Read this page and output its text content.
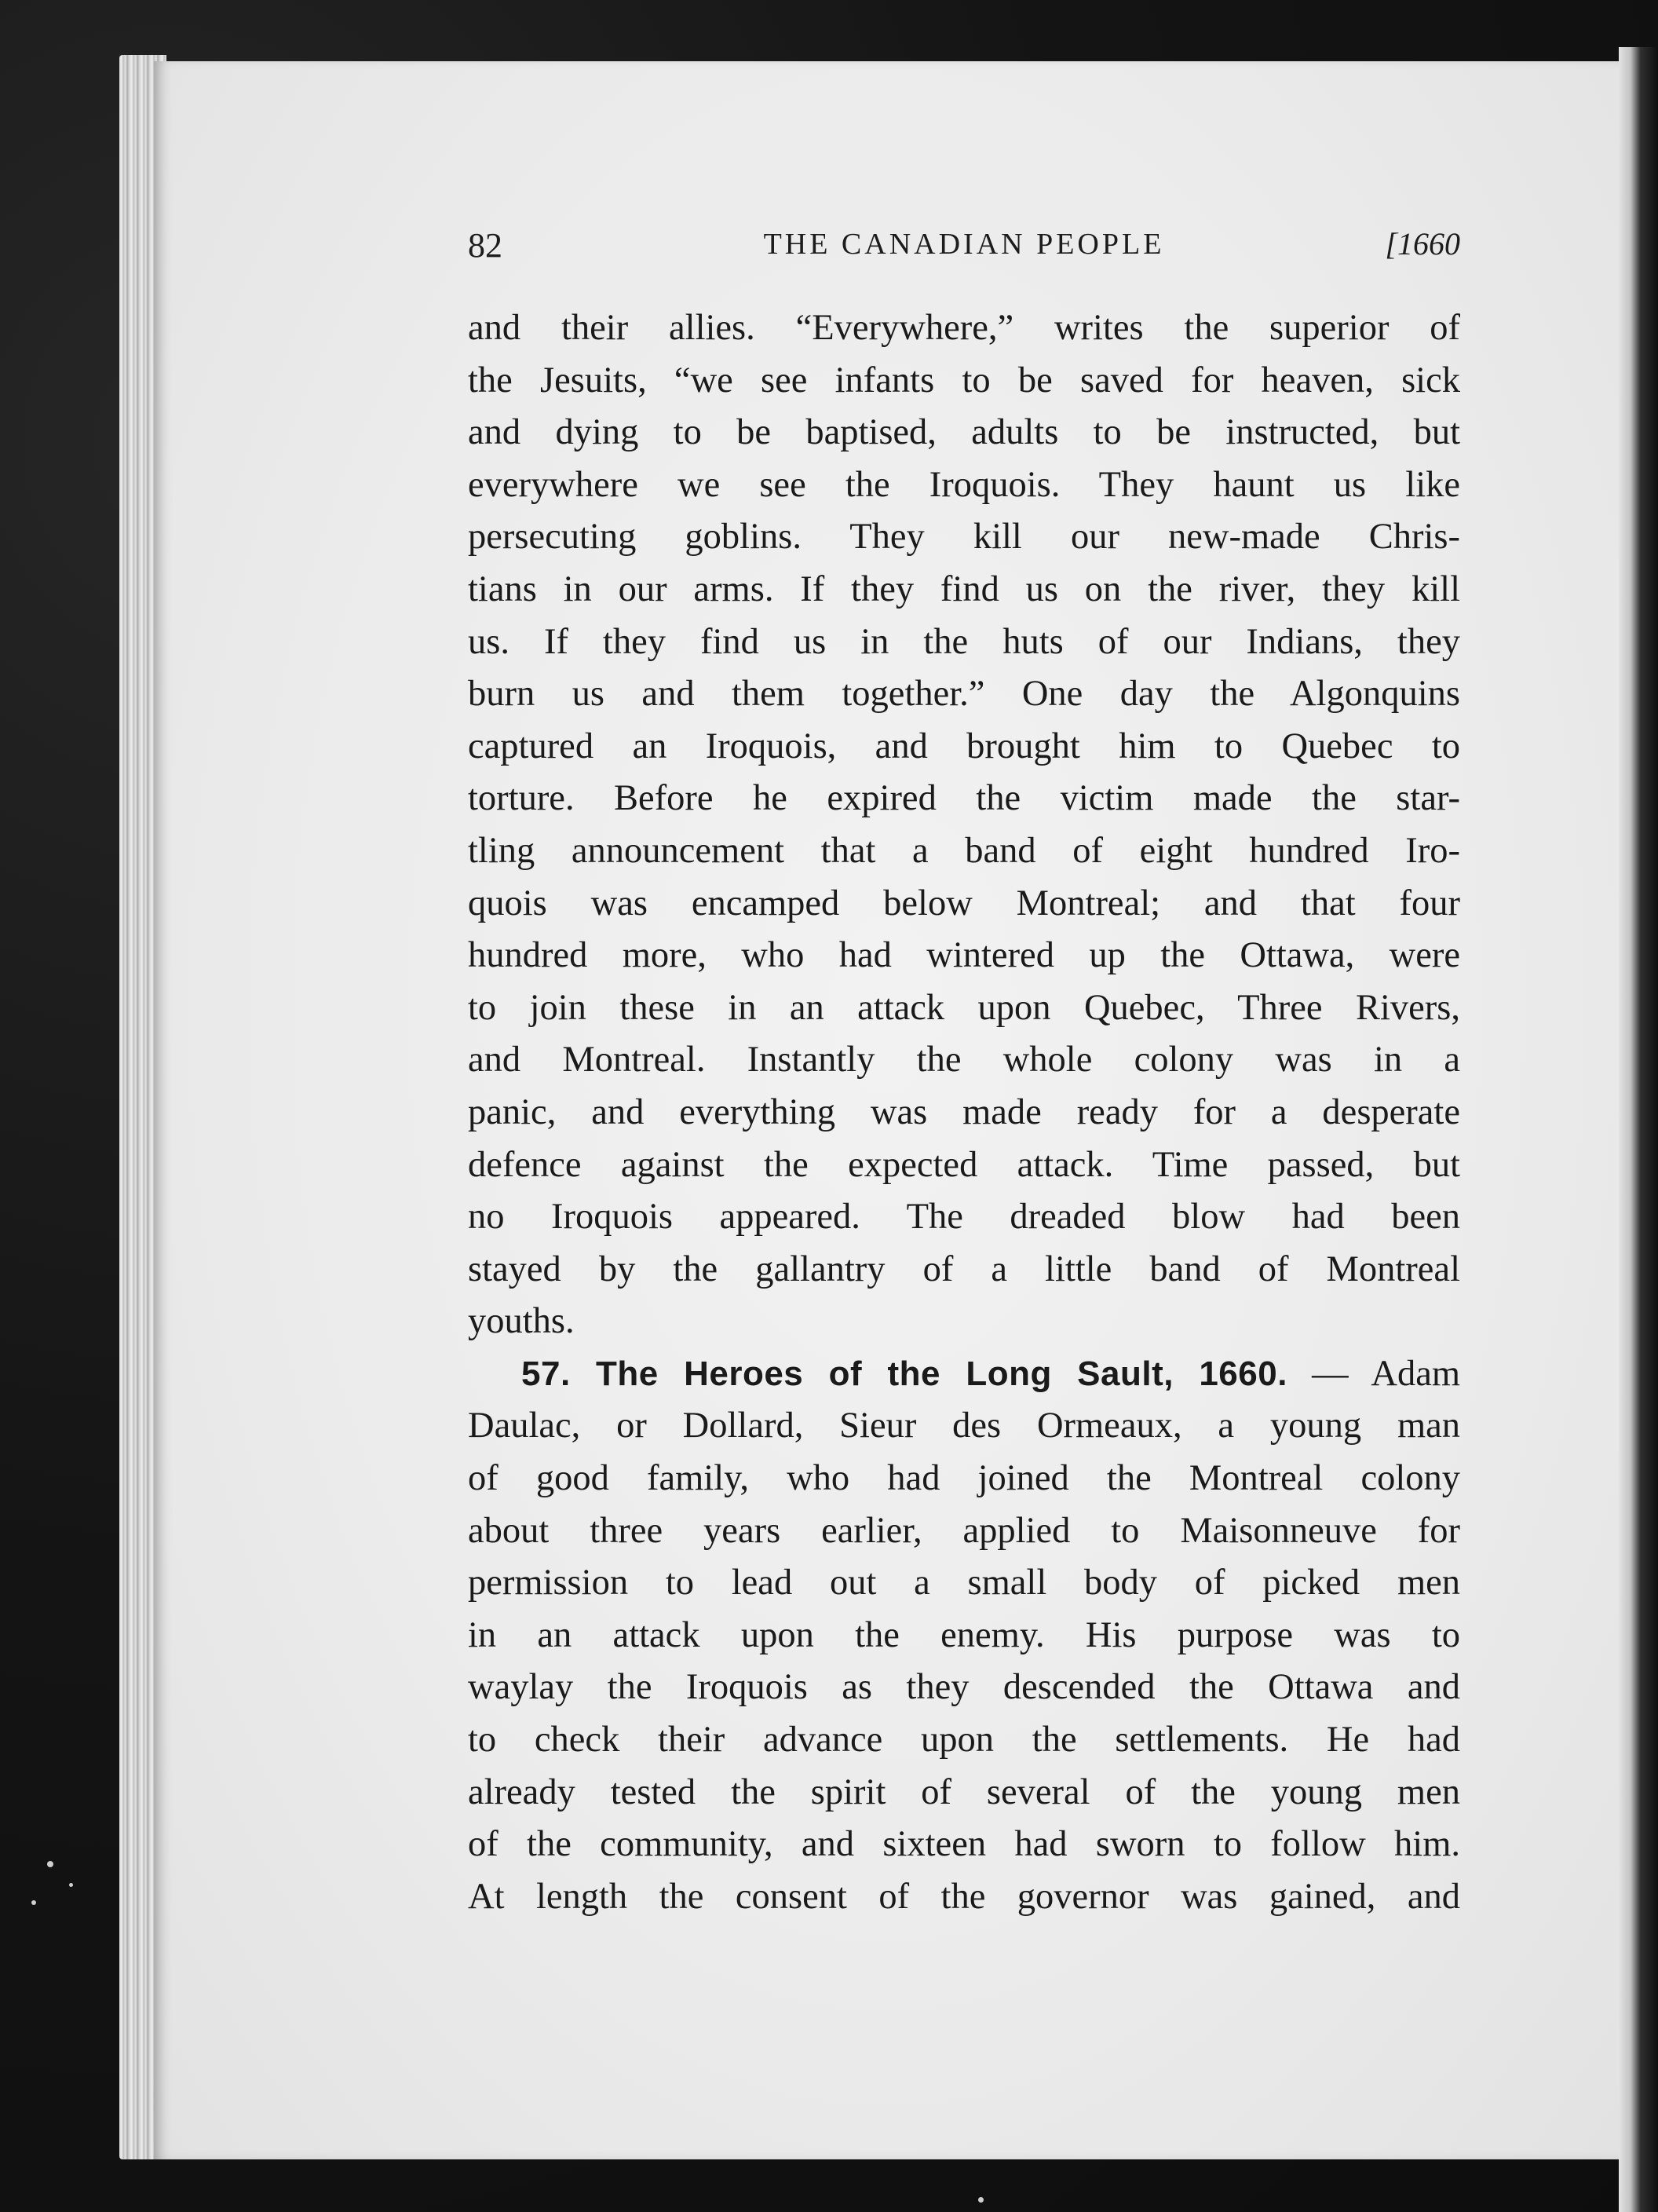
82	THE CANADIAN PEOPLE	[1660
and their allies. “Everywhere,” writes the superior of
the Jesuits, “we see infants to be saved for heaven, sick
and dying to be baptised, adults to be instructed, but
everywhere we see the Iroquois. They haunt us like
persecuting goblins. They kill our new-made Chris-
tians in our arms. If they find us on the river, they kill
us. If they find us in the huts of our Indians, they
burn us and them together.” One day the Algonquins
captured an Iroquois, and brought him to Quebec to
torture. Before he expired the victim made the star-
tling announcement that a band of eight hundred Iro-
quois was encamped below Montreal; and that four
hundred more, who had wintered up the Ottawa, were
to join these in an attack upon Quebec, Three Rivers,
and Montreal. Instantly the whole colony was in a
panic, and everything was made ready for a desperate
defence against the expected attack. Time passed, but
no Iroquois appeared. The dreaded blow had been
stayed by the gallantry of a little band of Montreal
youths.
57. The Heroes of the Long Sault, 1660. — Adam
Daulac, or Dollard, Sieur des Ormeaux, a young man
of good family, who had joined the Montreal colony
about three years earlier, applied to Maisonneuve for
permission to lead out a small body of picked men
in an attack upon the enemy. His purpose was to
waylay the Iroquois as they descended the Ottawa and
to check their advance upon the settlements. He had
already tested the spirit of several of the young men
of the community, and sixteen had sworn to follow him.
At length the consent of the governor was gained, and
